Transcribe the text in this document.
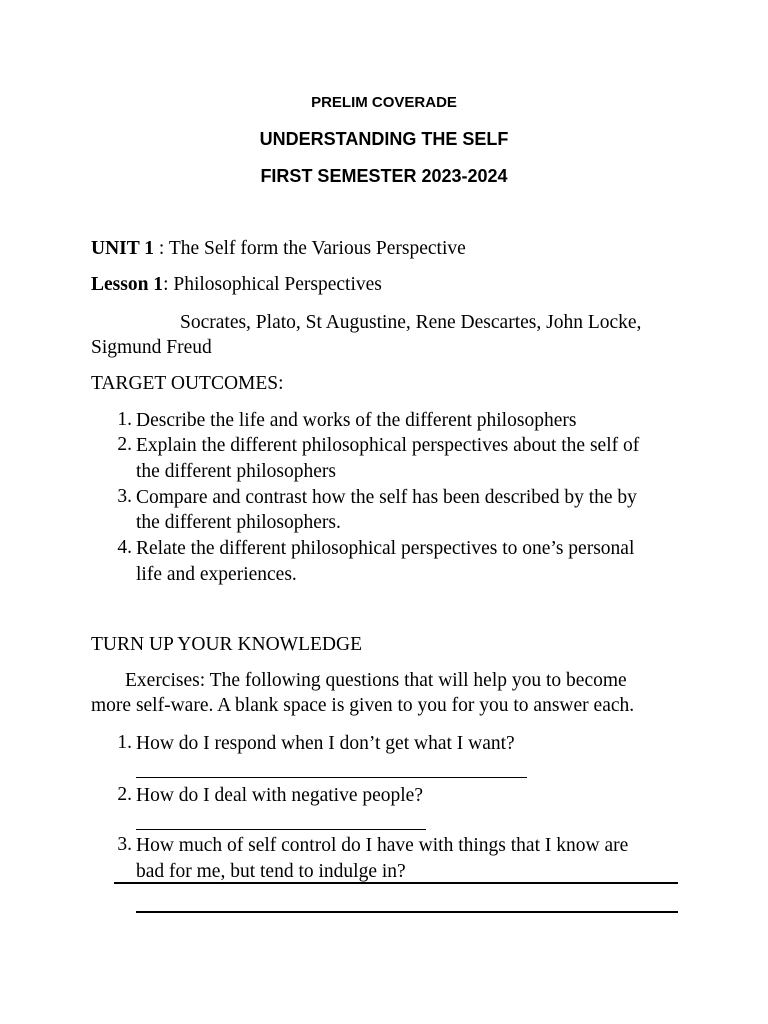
PRELIM COVERADE
UNDERSTANDING THE SELF
FIRST SEMESTER 2023-2024
UNIT 1 : The Self form the Various Perspective
Lesson 1: Philosophical Perspectives
Socrates, Plato, St Augustine, Rene Descartes, John Locke,
Sigmund Freud
TARGET OUTCOMES:
1. Describe the life and works of the different philosophers
2. Explain the different philosophical perspectives about the self of
the different philosophers
3. Compare and contrast how the self has been described by the by
the different philosophers.
4. Relate the different philosophical perspectives to one’s personal
life and experiences.
TURN UP YOUR KNOWLEDGE
Exercises: The following questions that will help you to become
more self-ware. A blank space is given to you for you to answer each.
1. How do I respond when I don’t get what I want?
2. How do I deal with negative people?
3. How much of self control do I have with things that I know are
bad for me, but tend to indulge in?
